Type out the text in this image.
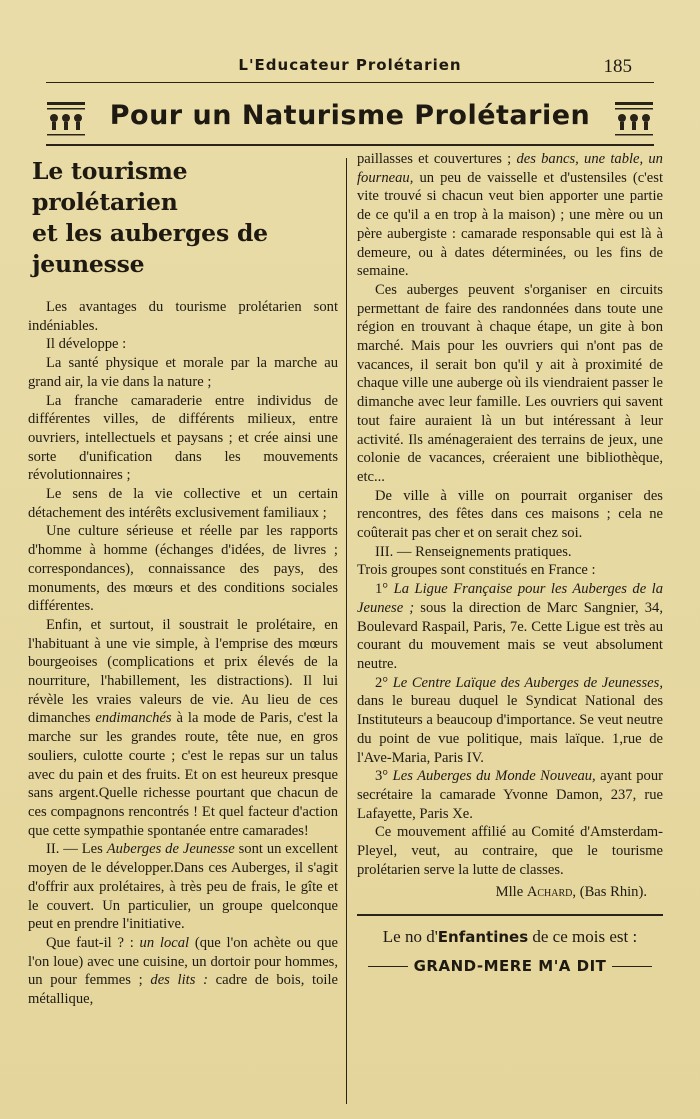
L'Educateur Prolétarien	185
Pour un Naturisme Prolétarien
Le tourisme prolétarien
et les auberges de jeunesse

Les avantages du tourisme prolétarien sont indéniables.

Il développe :

La santé physique et morale par la marche au grand air, la vie dans la nature ;

La franche camaraderie entre individus de différentes villes, de différents milieux, entre ouvriers, intellectuels et paysans ; et crée ainsi une sorte d'unification dans les mouvements révolutionnaires ;

Le sens de la vie collective et un certain détachement des intérêts exclusivement familiaux ;

Une culture sérieuse et réelle par les rapports d'homme à homme (échanges d'idées, de livres ; correspondances), connaissance des pays, des monuments, des mœurs et des conditions sociales différentes.

Enfin, et surtout, il soustrait le prolétaire, en l'habituant à une vie simple, à l'emprise des mœurs bourgeoises (complications et prix élevés de la nourriture, l'habillement, les distractions). Il lui révèle les vraies valeurs de vie. Au lieu de ces dimanches endimanchés à la mode de Paris, c'est la marche sur les grandes route, tête nue, en gros souliers, culotte courte ; c'est le repas sur un talus avec du pain et des fruits. Et on est heureux presque sans argent.Quelle richesse pourtant que chacun de ces compagnons rencontrés ! Et quel facteur d'action que cette sympathie spontanée entre camarades!

II. — Les Auberges de Jeunesse sont un excellent moyen de le développer.Dans ces Auberges, il s'agit d'offrir aux prolétaires, à très peu de frais, le gîte et le couvert. Un particulier, un groupe quelconque peut en prendre l'initiative.

Que faut-il ? : un local (que l'on achète ou que l'on loue) avec une cuisine, un dortoir pour hommes, un pour femmes ; des lits : cadre de bois, toile métallique,

paillasses et couvertures ; des bancs, une table, un fourneau, un peu de vaisselle et d'ustensiles (c'est vite trouvé si chacun veut bien apporter une partie de ce qu'il a en trop à la maison) ; une mère ou un père aubergiste : camarade responsable qui est là à demeure, ou à dates déterminées, ou les fins de semaine.

Ces auberges peuvent s'organiser en circuits permettant de faire des randonnées dans toute une région en trouvant à chaque étape, un gite à bon marché. Mais pour les ouvriers qui n'ont pas de vacances, il serait bon qu'il y ait à proximité de chaque ville une auberge où ils viendraient passer le dimanche avec leur famille. Les ouvriers qui savent tout faire auraient là un but intéressant à leur activité. Ils aménageraient des terrains de jeux, une colonie de vacances, créeraient une bibliothèque, etc...

De ville à ville on pourrait organiser des rencontres, des fêtes dans ces maisons ; cela ne coûterait pas cher et on serait chez soi.

III. — Renseignements pratiques.

Trois groupes sont constitués en France :

1° La Ligue Française pour les Auberges de la Jeunese ; sous la direction de Marc Sangnier, 34, Boulevard Raspail, Paris, 7e. Cette Ligue est très au courant du mouvement mais se veut absolument neutre.

2° Le Centre Laïque des Auberges de Jeunesses, dans le bureau duquel le Syndicat National des Instituteurs a beaucoup d'importance. Se veut neutre du point de vue politique, mais laïque. 1,rue de l'Ave-Maria, Paris IV.

3° Les Auberges du Monde Nouveau, ayant pour secrétaire la camarade Yvonne Damon, 237, rue Lafayette, Paris Xe.

Ce mouvement affilié au Comité d'Amsterdam-Pleyel, veut, au contraire, que le tourisme prolétarien serve la lutte de classes.

Mlle Achard, (Bas Rhin).
Le no d'Enfantines de ce mois est :
GRAND-MERE M'A DIT
